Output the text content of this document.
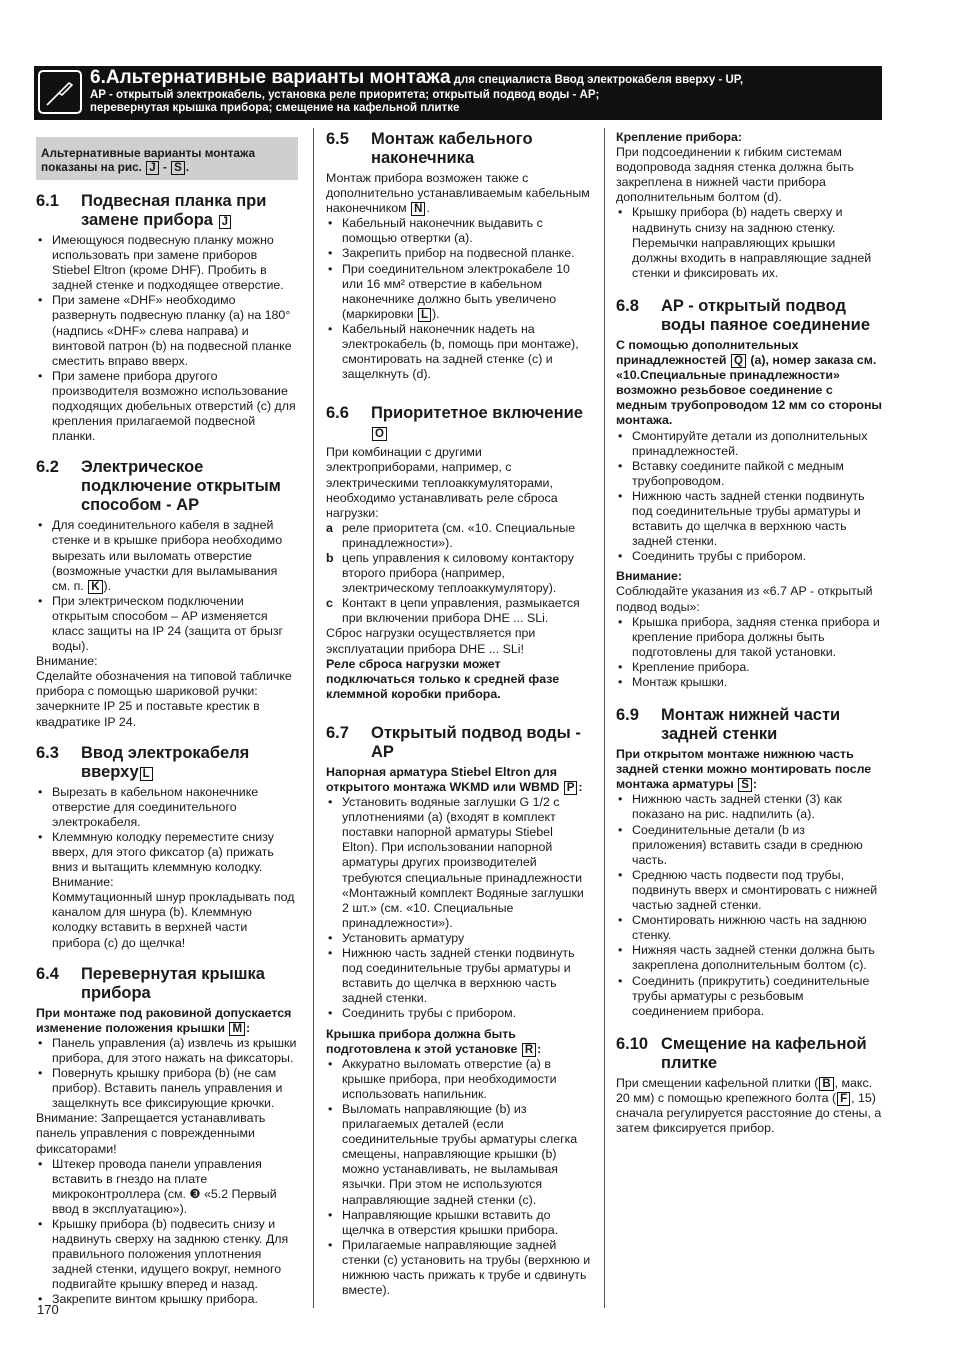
6.Альтернативные варианты монтажа для специалиста Ввод электрокабеля вверху - UP,
AP - открытый электрокабель, установка реле приоритета; открытый подвод воды - AP;
перевернутая крышка прибора; смещение на кафельной плитке
Альтернативные варианты монтажа показаны на рис. J - S .
6.1	Подвесная планка при замене прибора J
• Имеющуюся подвесную планку можно использовать при замене приборов Stiebel Eltron (кроме DHF). Пробить в задней стенке и подходящее отверстие.
• При замене «DHF» необходимо развернуть подвесную планку (а) на 180° (надпись «DHF» слева направа) и винтовой патрон (b) на подвесной планке сместить вправо вверх.
• При замене прибора другого производителя возможно использование подходящих дюбельных отверстий (с) для крепления прилагаемой подвесной планки.
6.2	Электрическое подключение открытым способом - AP
• Для соединительного кабеля в задней стенке и в крышке прибора необходимо вырезать или выломать отверстие (возможные участки для выламывания см. п. K ).
• При электрическом подключении открытым способом – AP изменяется класс защиты на IP 24 (защита от брызг воды).

Внимание:

Сделайте обозначения на типовой табличке прибора с помощью шариковой ручки: зачеркните IP 25 и поставьте крестик в квадратике IP 24.

6.3	Ввод электрокабеля вверху L
• Вырезать в кабельном наконечнике отверстие для соединительного электрокабеля.
• Клеммную колодку переместите снизу вверх, для этого фиксатор (а) прижать вниз и вытащить клеммную колодку.

Внимание:

Коммутационный шнур прокладывать под каналом для шнура (b). Клеммную колодку вставить в верхней части прибора (с) до щелчка!

6.4	Перевернутая крышка прибора

При монтаже под раковиной допускается изменение положения крышки M :

• Панель управления (а) извлечь из крышки прибора, для этого нажать на фиксаторы.
• Повернуть крышку прибора (b) (не сам прибор). Вставить панель управления и защелкнуть все фиксирующие крючки.

Внимание: Запрещается устанавливать панель управления с поврежденными фиксаторами!

• Штекер провода панели управления вставить в гнездо на плате микроконтроллера (см. ❸ «5.2 Первый ввод в эксплуатацию»).
• Крышку прибора (b) подвесить снизу и надвинуть сверху на заднюю стенку. Для правильного положения уплотнения задней стенки, идущего вокруг, немного подвигайте крышку вперед и назад.
• Закрепите винтом крышку прибора.
6.5	Монтаж кабельного наконечника

Монтаж прибора возможен также с дополнительно устанавливаемым кабельным наконечником N .

• Кабельный наконечник выдавить с помощью отвертки (а).
• Закрепить прибор на подвесной планке.
• При соединительном электрокабеле 10 или 16 мм² отверстие в кабельном наконечнике должно быть увеличено (маркировки L ).
• Кабельный наконечник надеть на электрокабель (b, помощь при монтаже), смонтировать на задней стенке (с) и защелкнуть (d).
6.6	Приоритетное включение O

При комбинации с другими электроприборами, например, с электрическими теплоаккумуляторами, необходимо устанавливать реле сброса нагрузки:

a реле приоритета (см. «10. Специальные принадлежности»).
b цепь управления к силовому контактору второго прибора (например, электрическому теплоаккумулятору).
c Контакт в цепи управления, размыкается при включении прибора DHE ... SLi.

Сброс нагрузки осуществляется при эксплуатации прибора DHE ... SLi!

Реле сброса нагрузки может подключаться только к средней фазе клеммной коробки прибора.

6.7	Открытый подвод воды - AP

Напорная арматура Stiebel Eltron для открытого монтажа WKMD или WBMD P :

• Установить водяные заглушки G 1/2 с уплотнениями (а) (входят в комплект поставки напорной арматуры Stiebel Elton). При использовании напорной арматуры других производителей требуются специальные принадлежности «Монтажный комплект Водяные заглушки 2 шт.» (см. «10. Специальные принадлежности»).
• Установить арматуру
• Нижнюю часть задней стенки подвинуть под соединительные трубы арматуры и вставить до щелчка в верхнюю часть задней стенки.
• Соединить трубы с прибором.

Крышка прибора должна быть подготовлена к этой установке R :

• Аккуратно выломать отверстие (а) в крышке прибора, при необходимости использовать напильник.
• Выломать направляющие (b) из прилагаемых деталей (если соединительные трубы арматуры слегка смещены, направляющие крышки (b) можно устанавливать, не выламывая язычки. При этом не используются направляющие задней стенки (с).
• Направляющие крышки вставить до щелчка в отверстия крышки прибора.
• Прилагаемые направляющие задней стенки (с) установить на трубы (верхнюю и нижнюю часть прижать к трубе и сдвинуть вместе).

Крепление прибора:

При подсоединении к гибким системам водопровода задняя стенка должна быть закреплена в нижней части прибора дополнительным болтом (d).

• Крышку прибора (b) надеть сверху и надвинуть снизу на заднюю стенку. Перемычки направляющих крышки должны входить в направляющие задней стенки и фиксировать их.
6.8	AP - открытый подвод воды паяное соединение

С помощью дополнительных принадлежностей Q (а), номер заказа см. «10.Специальные принадлежности» возможно резьбовое соединение с медным трубопроводом 12 мм со стороны монтажа.

• Смонтируйте детали из дополнительных принадлежностей.
• Вставку соедините пайкой с медным трубопроводом.
• Нижнюю часть задней стенки подвинуть под соединительные трубы арматуры и вставить до щелчка в верхнюю часть задней стенки.
• Соединить трубы с прибором.

Внимание:

Соблюдайте указания из «6.7 AP - открытый подвод воды»:

• Крышка прибора, задняя стенка прибора и крепление прибора должны быть подготовлены для такой установки.
• Крепление прибора.
• Монтаж крышки.
6.9	Монтаж нижней части задней стенки

При открытом монтаже нижнюю часть задней стенки можно монтировать после монтажа арматуры S :

• Нижнюю часть задней стенки (3) как показано на рис. надпилить (а).
• Соединительные детали (b из приложения) вставить сзади в среднюю часть.
• Среднюю часть подвести под трубы, подвинуть вверх и смонтировать с нижней частью задней стенки.
• Смонтировать нижнюю часть на заднюю стенку.
• Нижняя часть задней стенки должна быть закреплена дополнительным болтом (с).
• Соединить (прикрутить) соединительные трубы арматуры с резьбовым соединением прибора.
6.10 Смещение на кафельной плитке

При смещении кафельной плитки ( B , макс. 20 мм) с помощью крепежного болта ( F , 15) сначала регулируется расстояние до стены, а затем фиксируется прибор.

170
